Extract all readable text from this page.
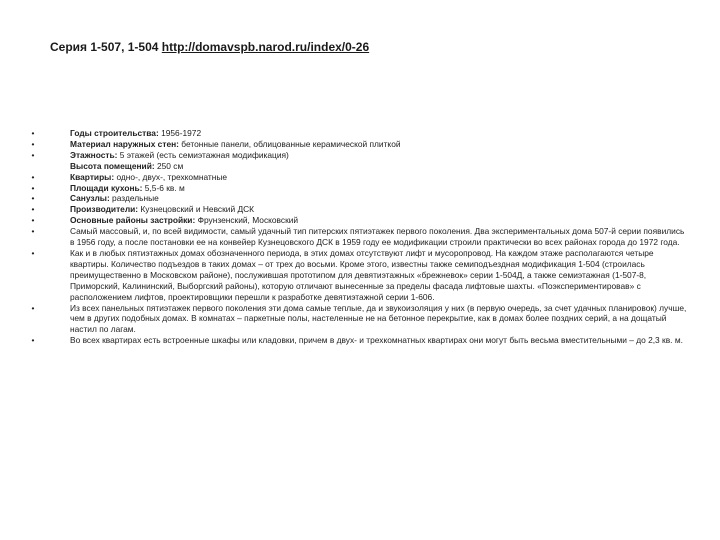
Серия 1-507, 1-504 http://domavspb.narod.ru/index/0-26
•	Годы строительства: 1956-1972
•	Материал наружных стен: бетонные панели, облицованные керамической плиткой
•	Этажность: 5 этажей (есть семиэтажная модификация)
Высота помещений: 250 см
•	Квартиры: одно-, двух-, трехкомнатные
•	Площади кухонь: 5,5-6 кв. м
•	Санузлы: раздельные
•	Производители: Кузнецовский и Невский ДСК
•	Основные районы застройки: Фрунзенский, Московский
•	Самый массовый, и, по всей видимости, самый удачный тип питерских пятиэтажек первого поколения. Два экспериментальных дома 507-й серии появились в 1956 году, а после постановки ее на конвейер Кузнецовского ДСК в 1959 году ее модификации строили практически во всех районах города до 1972 года.
•	Как и в любых пятиэтажных домах обозначенного периода, в этих домах отсутствуют лифт и мусоропровод. На каждом этаже располагаются четыре квартиры. Количество подъездов в таких домах – от трех до восьми. Кроме этого, известны также семиподъездная модификация 1-504 (строилась преимущественно в Московском районе), послужившая прототипом для девятиэтажных «брежневок» серии 1-504Д, а также семиэтажная (1-507-8, Приморский, Калининский, Выборгский районы), которую отличают вынесенные за пределы фасада лифтовые шахты. «Поэкспериментировав» с расположением лифтов, проектировщики перешли к разработке девятиэтажной серии 1-606.
•	Из всех панельных пятиэтажек первого поколения эти дома самые теплые, да и звукоизоляция у них (в первую очередь, за счет удачных планировок) лучше, чем в других подобных домах. В комнатах – паркетные полы, настеленные не на бетонное перекрытие, как в домах более поздних серий, а на дощатый настил по лагам.
•	Во всех квартирах есть встроенные шкафы или кладовки, причем в двух- и трехкомнатных квартирах они могут быть весьма вместительными – до 2,3 кв. м.
